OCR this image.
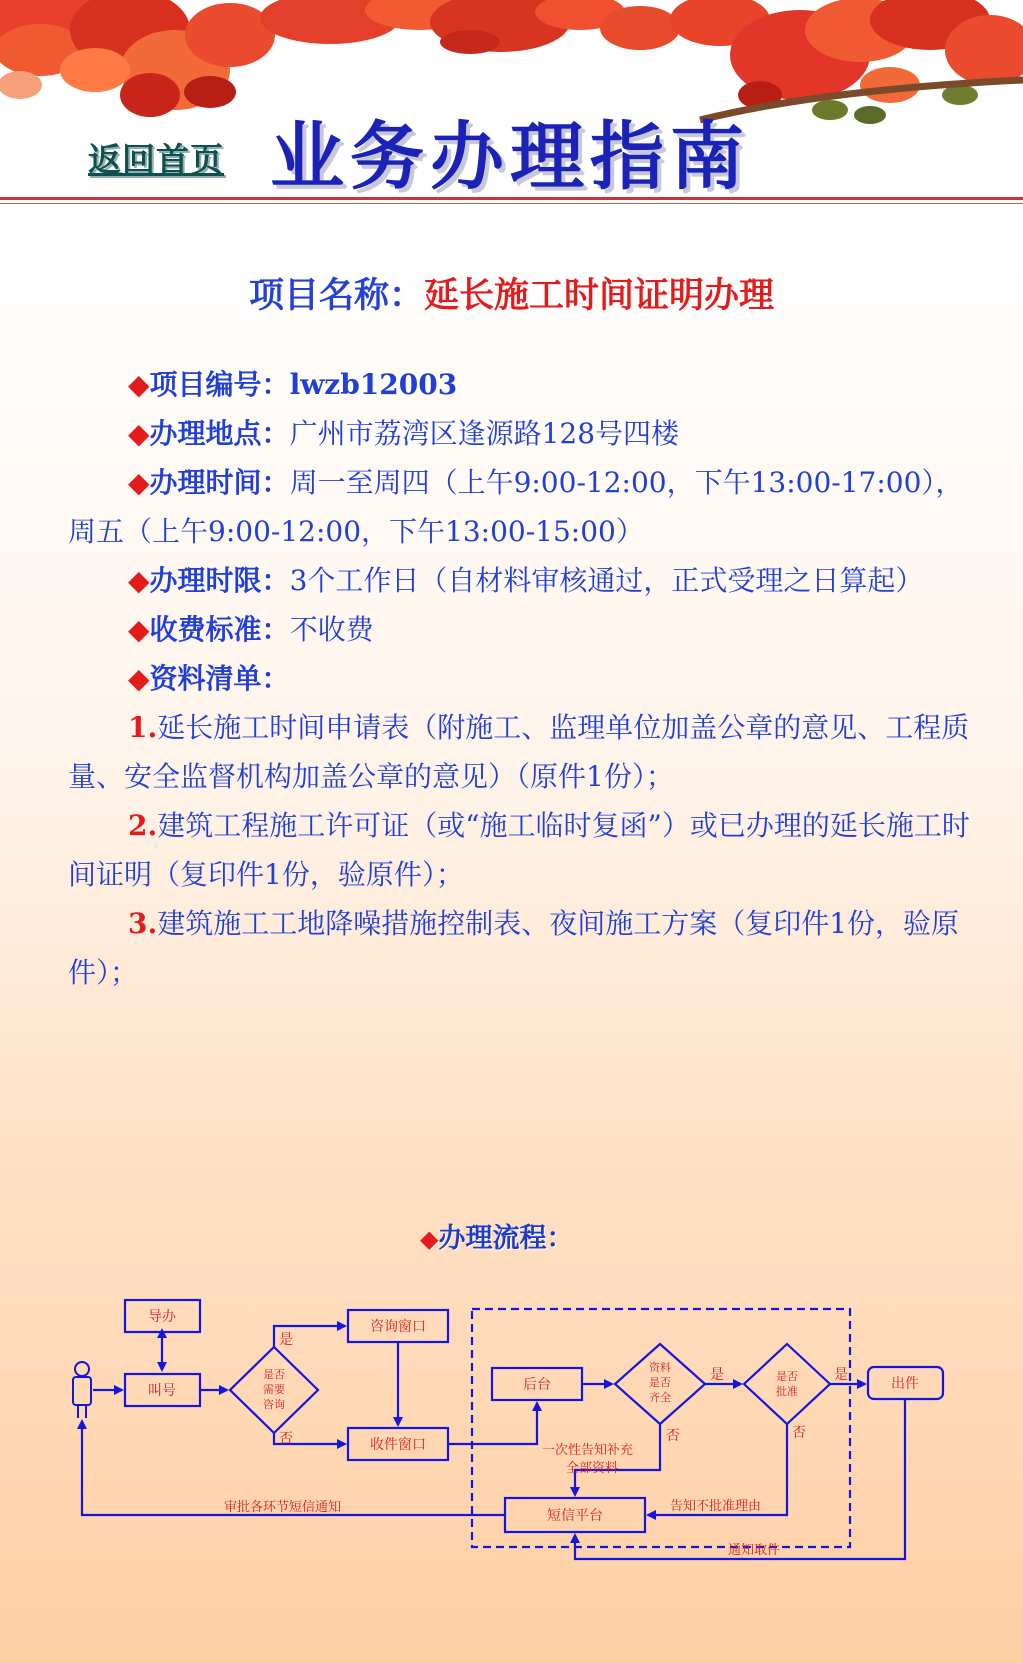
返回首页 业务办理指南
项目名称：延长施工时间证明办理

◆项目编号：lwzb12003

◆办理地点：广州市荔湾区逢源路128号四楼

◆办理时间：周一至周四（上午9:00-12:00，下午13:00-17:00），周五（上午9:00-12:00，下午13:00-15:00）

◆办理时限：3个工作日（自材料审核通过，正式受理之日算起）

◆收费标准：不收费

◆资料清单：

1.延长施工时间申请表（附施工、监理单位加盖公章的意见、工程质量、安全监督机构加盖公章的意见）（原件1份）；

2.建筑工程施工许可证（或“施工临时复函”）或已办理的延长施工时间证明（复印件1份，验原件）；

3.建筑施工工地降噪措施控制表、夜间施工方案（复印件1份，验原件）；

◆办理流程：
导办
叫号
咨询窗口
收件窗口
后台
短信平台
出件
是否
需要
咨询
资料
是否
齐全
是否
批准
是
否
是
否
是
否
一次性告知补充
全部资料
审批各环节短信通知	告知不批准理由
通知取件
